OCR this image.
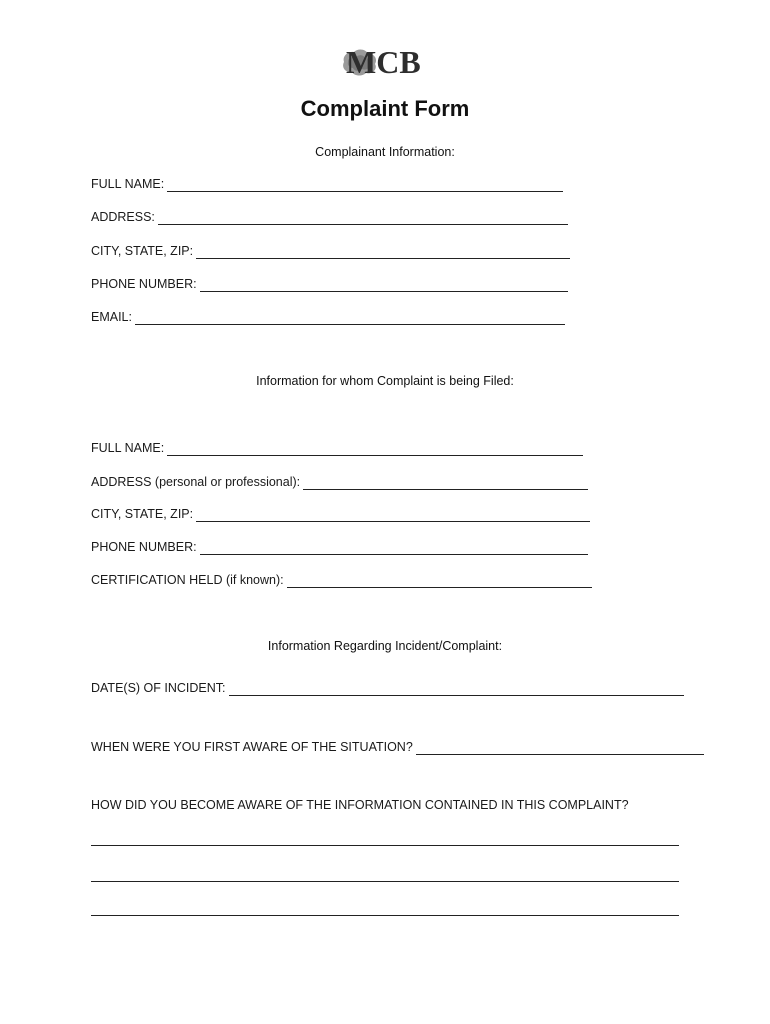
MCB
Complaint Form
Complainant Information:
FULL NAME:
ADDRESS:
CITY, STATE, ZIP:
PHONE NUMBER:
EMAIL:
Information for whom Complaint is being Filed:
FULL NAME:
ADDRESS (personal or professional):
CITY, STATE, ZIP:
PHONE NUMBER:
CERTIFICATION HELD (if known):
Information Regarding Incident/Complaint:
DATE(S) OF INCIDENT:
WHEN WERE YOU FIRST AWARE OF THE SITUATION?
HOW DID YOU BECOME AWARE OF THE INFORMATION CONTAINED IN THIS COMPLAINT?
